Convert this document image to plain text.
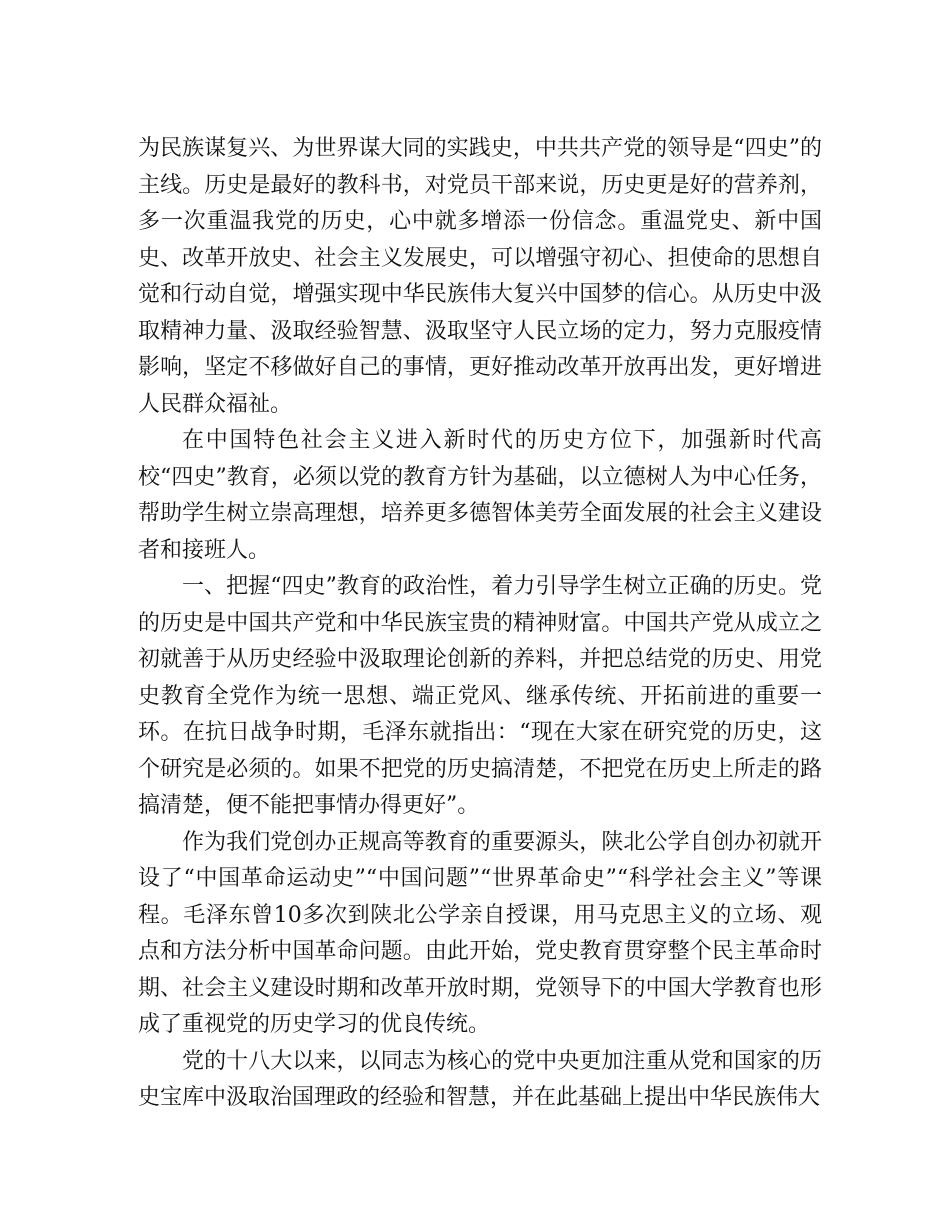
为民族谋复兴、为世界谋大同的实践史，中共共产党的领导是“四史”的主线。历史是最好的教科书，对党员干部来说，历史更是好的营养剂，多一次重温我党的历史，心中就多增添一份信念。重温党史、新中国史、改革开放史、社会主义发展史，可以增强守初心、担使命的思想自觉和行动自觉，增强实现中华民族伟大复兴中国梦的信心。从历史中汲取精神力量、汲取经验智慧、汲取坚守人民立场的定力，努力克服疫情影响，坚定不移做好自己的事情，更好推动改革开放再出发，更好增进人民群众福祉。

在中国特色社会主义进入新时代的历史方位下，加强新时代高校“四史”教育，必须以党的教育方针为基础，以立德树人为中心任务，帮助学生树立崇高理想，培养更多德智体美劳全面发展的社会主义建设者和接班人。

一、把握“四史”教育的政治性，着力引导学生树立正确的历史。党的历史是中国共产党和中华民族宝贵的精神财富。中国共产党从成立之初就善于从历史经验中汲取理论创新的养料，并把总结党的历史、用党史教育全党作为统一思想、端正党风、继承传统、开拓前进的重要一环。在抗日战争时期，毛泽东就指出：“现在大家在研究党的历史，这个研究是必须的。如果不把党的历史搞清楚，不把党在历史上所走的路搞清楚，便不能把事情办得更好”。

作为我们党创办正规高等教育的重要源头，陕北公学自创办初就开设了“中国革命运动史”“中国问题”“世界革命史”“科学社会主义”等课程。毛泽东曾10多次到陕北公学亲自授课，用马克思主义的立场、观点和方法分析中国革命问题。由此开始，党史教育贯穿整个民主革命时期、社会主义建设时期和改革开放时期，党领导下的中国大学教育也形成了重视党的历史学习的优良传统。

党的十八大以来，以同志为核心的党中央更加注重从党和国家的历史宝库中汲取治国理政的经验和智慧，并在此基础上提出中华民族伟大
